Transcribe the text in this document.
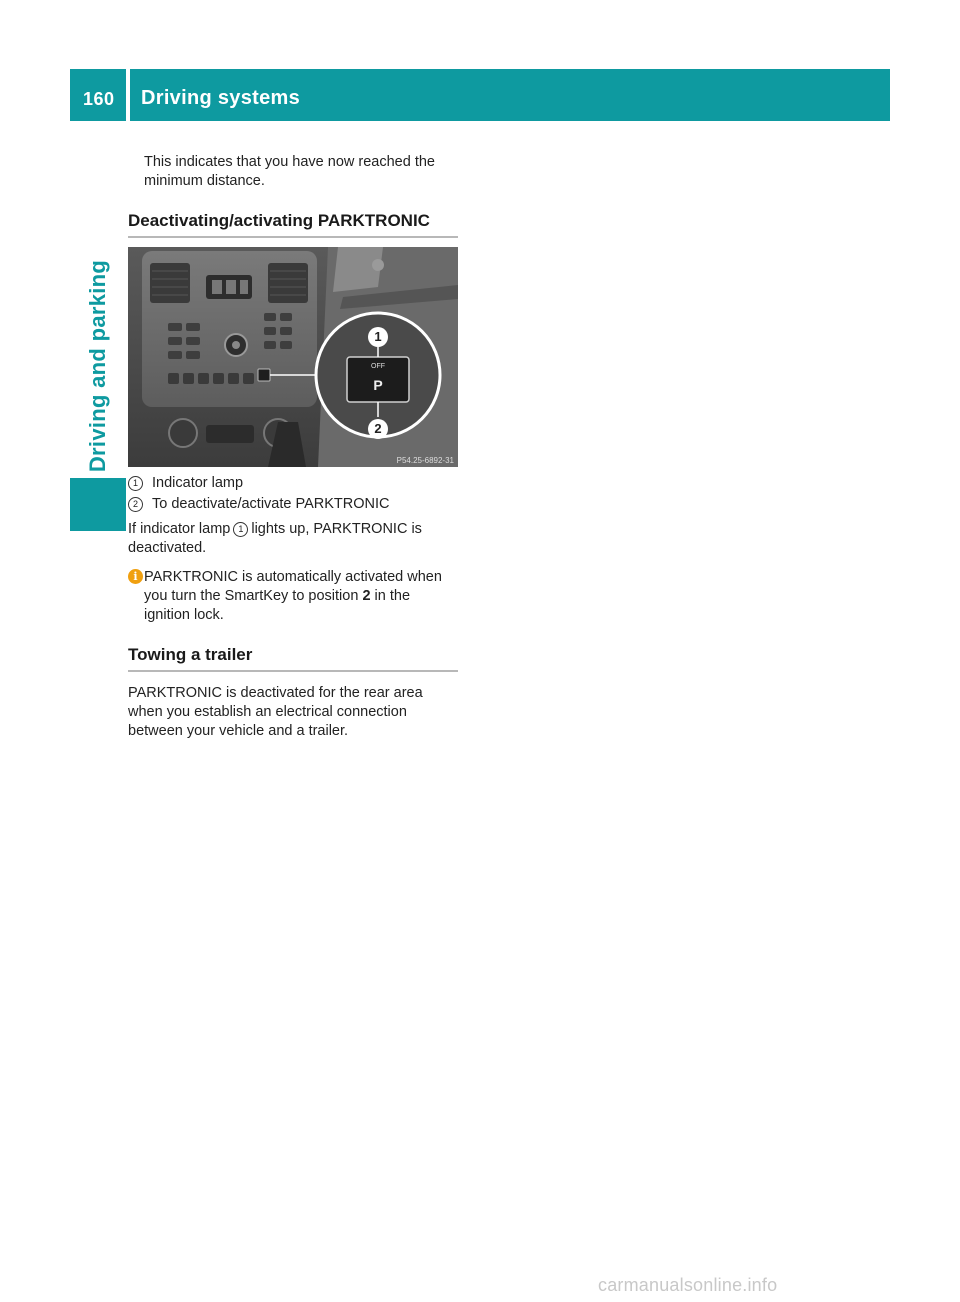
160 Driving systems
Driving and parking

This indicates that you have now reached the minimum distance.

Deactivating/activating PARKTRONIC
1
2
OFF
P
P54.25-6892-31
1 Indicator lamp
2 To deactivate/activate PARKTRONIC

If indicator lamp 1 lights up, PARKTRONIC is deactivated.

i PARKTRONIC is automatically activated when you turn the SmartKey to position 2 in the ignition lock.

Towing a trailer

PARKTRONIC is deactivated for the rear area when you establish an electrical connection between your vehicle and a trailer.

carmanualsonline.info
